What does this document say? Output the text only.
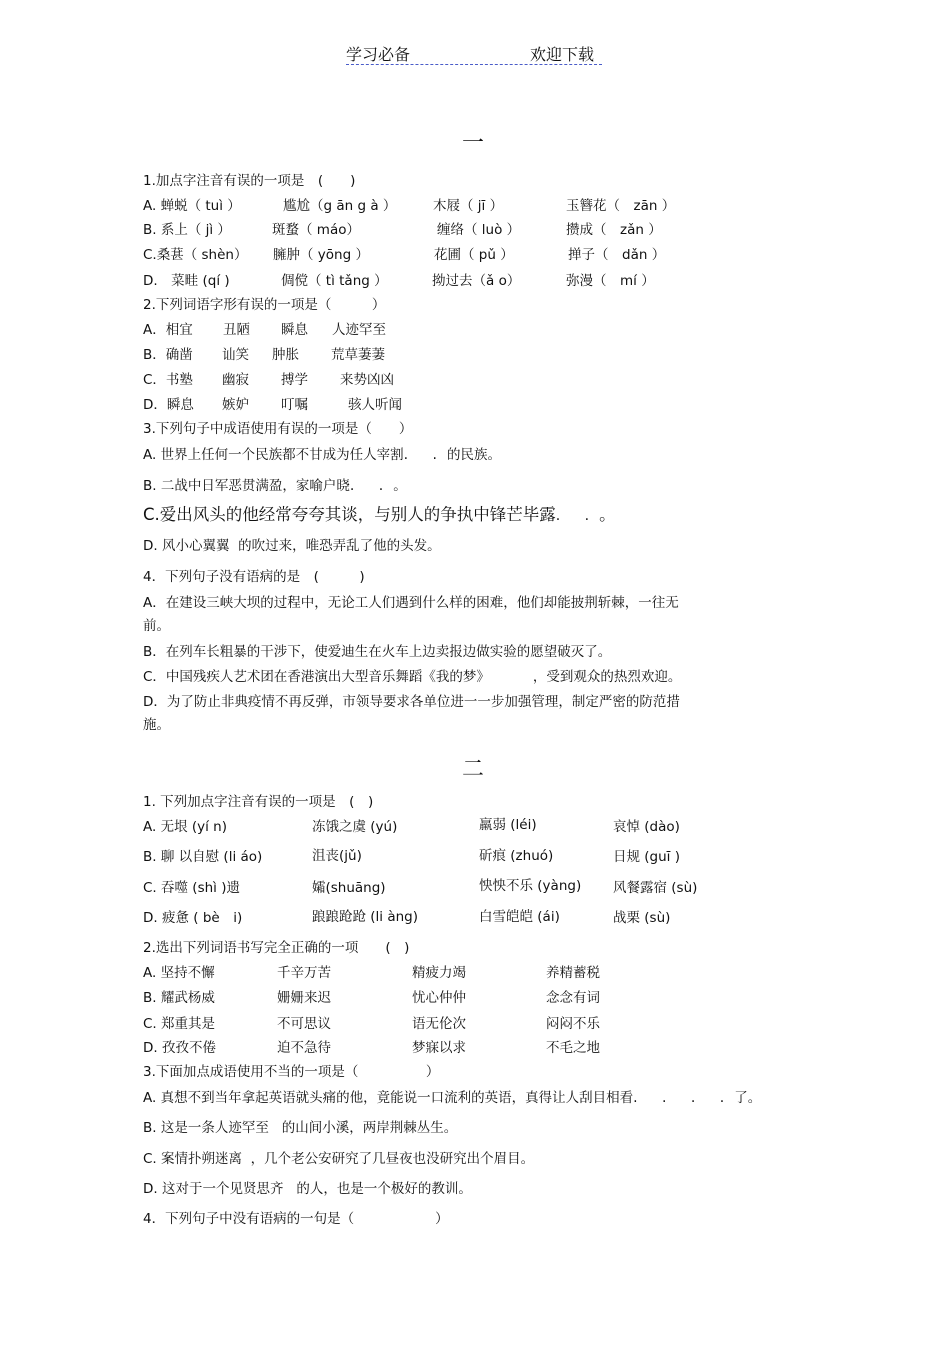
学习必备	欢迎下载
一
1.加点字注音有误的一项是　(　　)
A. 蝉蜕（ tuì ）	尴尬（g ān g à ）	木屐（ jī ）	玉簪花（　zān ）
B. 系上（ jì ）	斑蝥（ máo）	缠络（ luò ）	攒成（　zǎn ）
C.桑葚（ shèn） 臃肿（ yōng ）	花圃（ pǔ ）	掸子（　dǎn ）
D.　菜畦 (qí )	倜傥（ tì tǎng ）	拗过去（ǎ o）	弥漫（　mí ）
2.下列词语字形有误的一项是（　　　）
A．相宜 丑陋 瞬息 人迹罕至
B．确凿 讪笑 肿胀 荒草萋萋
C．书塾 幽寂 搏学 来势凶凶
D．瞬息 嫉妒 叮嘱	骇人听闻
3.下列句子中成语使用有误的一项是（　　）
A. 世界上任何一个民族都不甘成为任人宰割. .的民族。
B. 二战中日军恶贯满盈，家喻户晓. .。
C.爱出风头的他经常夸夸其谈，与别人的争执中锋芒毕露. .。
D. 风小心翼翼 的吹过来，唯恐弄乱了他的头发。
4．下列句子没有语病的是　(　　　)
A．在建设三峡大坝的过程中，无论工人们遇到什么样的困难，他们却能披荆斩棘，一往无
前。
B．在列车长粗暴的干涉下，使爱迪生在火车上边卖报边做实验的愿望破灭了。
C．中国残疾人艺术团在香港演出大型音乐舞蹈《我的梦》	，受到观众的热烈欢迎。
D．为了防止非典疫情不再反弹，市领导要求各单位进一一步加强管理，制定严密的防范措
施。
二
1. 下列加点字注音有误的一项是　(　)
A. 无垠 (yí n)	冻饿之虞 (yú)	羸弱 (léi)	哀悼 (dào)
B. 聊 以自慰 (li áo)	沮丧(jǔ)	斫痕 (zhuó)	日规 (guī )
C. 吞噬 (shì )遗	孀(shuāng)	怏怏不乐 (yàng) 风餐露宿 (sù)
D. 疲惫 ( bè　i)	踉踉跄跄 (li àng)	白雪皑皑 (ái)	战栗 (sù)
2.选出下列词语书写完全正确的一项　　(　)
A. 坚持不懈	千辛万苦	精疲力竭	养精蓄税
B. 耀武杨威	姗姗来迟	忧心仲仲	念念有词
C. 郑重其是	不可思议	语无伦次	闷闷不乐
D. 孜孜不倦	迫不急待	梦寐以求	不毛之地
3.下面加点成语使用不当的一项是（　　　　　）
A. 真想不到当年拿起英语就头痛的他，竟能说一口流利的英语，真得让人刮目相看. . . .了。
B. 这是一条人迹罕至 的山间小溪，两岸荆棘丛生。
C. 案情扑朔迷离 ，几个老公安研究了几昼夜也没研究出个眉目。
D. 这对于一个见贤思齐 的人，也是一个极好的教训。
4．下列句子中没有语病的一句是（　　　　　　）
